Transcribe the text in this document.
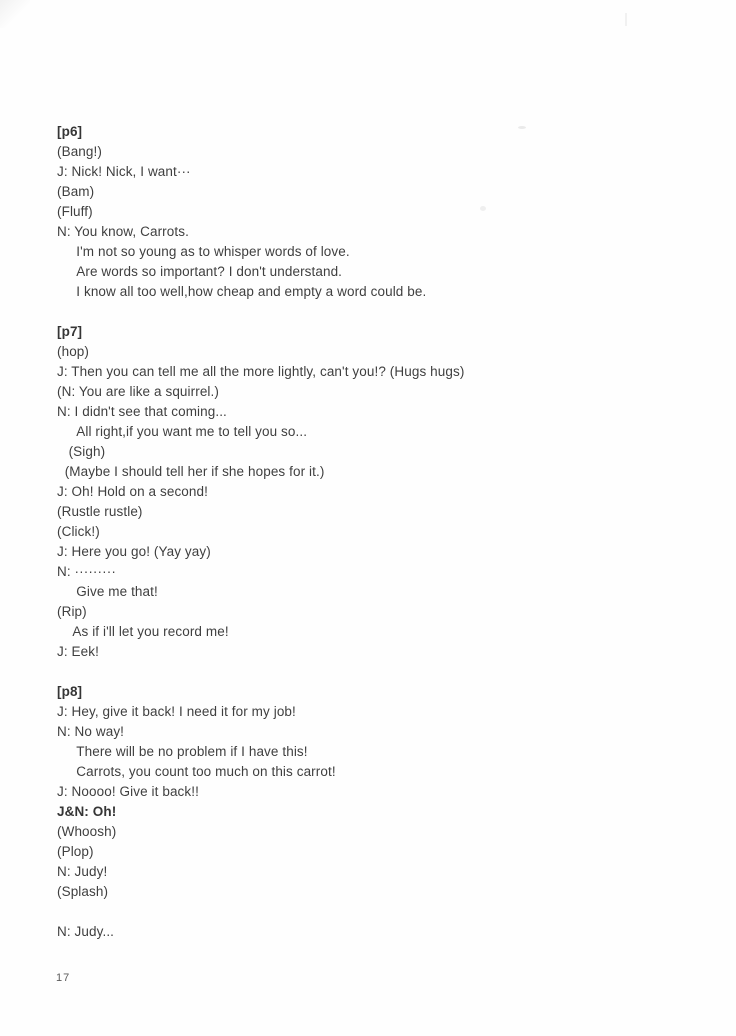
[p6]
(Bang!)
J: Nick! Nick, I want···
(Bam)
(Fluff)
N: You know, Carrots.
I'm not so young as to whisper words of love.
Are words so important? I don't understand.
I know all too well,how cheap and empty a word could be.
[p7]
(hop)
J: Then you can tell me all the more lightly, can't you!? (Hugs hugs)
(N: You are like a squirrel.)
N: I didn't see that coming...
All right,if you want me to tell you so...
(Sigh)
(Maybe I should tell her if she hopes for it.)
J: Oh! Hold on a second!
(Rustle rustle)
(Click!)
J: Here you go! (Yay yay)
N: ·········
Give me that!
(Rip)
As if i'll let you record me!
J: Eek!
[p8]
J: Hey, give it back! I need it for my job!
N: No way!
There will be no problem if I have this!
Carrots, you count too much on this carrot!
J: Noooo! Give it back!!
J&N: Oh!
(Whoosh)
(Plop)
N: Judy!
(Splash)
N: Judy...
17
